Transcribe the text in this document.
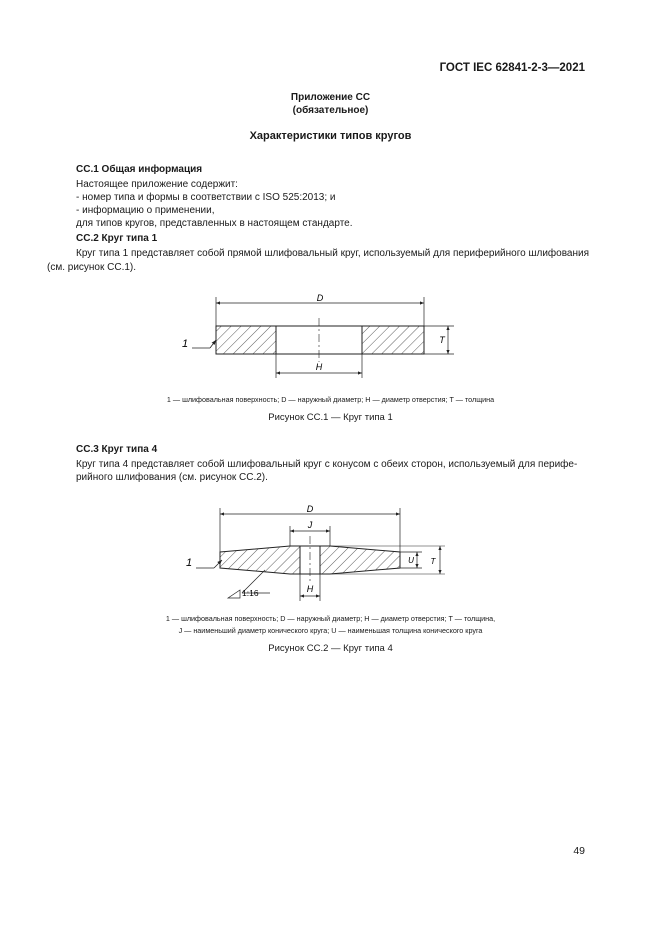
ГОСТ IEC 62841-2-3—2021
Приложение СС
(обязательное)
Характеристики типов кругов
СС.1 Общая информация
Настоящее приложение содержит:
- номер типа и формы в соответствии с ISO 525:2013; и
- информацию о применении,
для типов кругов, представленных в настоящем стандарте.
СС.2 Круг типа 1
Круг типа 1 представляет собой прямой шлифовальный круг, используемый для периферийного шлифования
(см. рисунок СС.1).
D
T
H
1
1 — шлифовальная поверхность; D — наружный диаметр; H — диаметр отверстия; T — толщина
Рисунок СС.1 — Круг типа 1
СС.3 Круг типа 4
Круг типа 4 представляет собой шлифовальный круг с конусом с обеих сторон, используемый для перифе-
рийного шлифования (см. рисунок СС.2).
D
J
U T
H
1
1:16
1 — шлифовальная поверхность; D — наружный диаметр; H — диаметр отверстия; T — толщина,
J — наименьший диаметр конического круга; U — наименьшая толщина конического круга
Рисунок СС.2 — Круг типа 4
49
